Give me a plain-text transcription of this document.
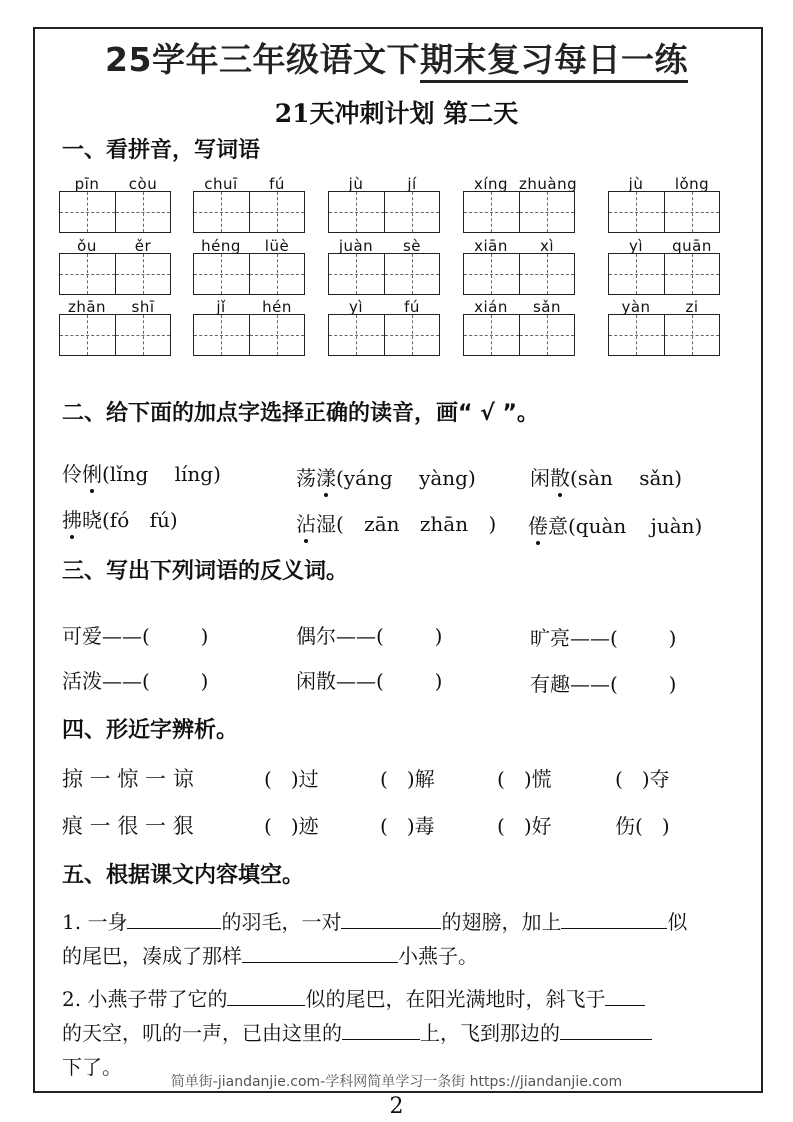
25学年三年级语文下期末复习每日一练
21天冲刺计划 第二天
一、看拼音，写词语
pīn	còu	chuī	fú	jù	jí	xíng zhuàng	jù	lǒng
ǒu	ěr	héng	lüè	juàn	sè	xiān	xì	yì	quān
zhān	shī	jǐ	hén	yì	fú	xián	sǎn	yàn	zi
二、给下面的加点字选择正确的读音，画“ √ ”。
伶俐(lǐng líng)	荡漾(yáng yàng)	闲散(sàn sǎn)
拂晓(fó fú)	沾湿( zān zhān ) 倦意(quàn juàn)
三、写出下列词语的反义词。
可爱——(        )	偶尔——(        )	旷亮——(        )
活泼——(        )	闲散——(        )	有趣——(        )
四、形近字辨析。
掠 一 惊 一 谅	(   )过	(   )解	(   )慌	(   )夺
痕 一 很 一 狠	(   )迹	(   )毒	(   )好	伤(   )
五、根据课文内容填空。
1. 一身	的羽毛，一对	的翅膀，加上	似
的尾巴，凑成了那样	小燕子。
2. 小燕子带了它的	似的尾巴，在阳光满地时，斜飞于
的天空，叽的一声，已由这里的	上，飞到那边的
下了。
简单街-jiandanjie.com-学科网简单学习一条街 https://jiandanjie.com
2
